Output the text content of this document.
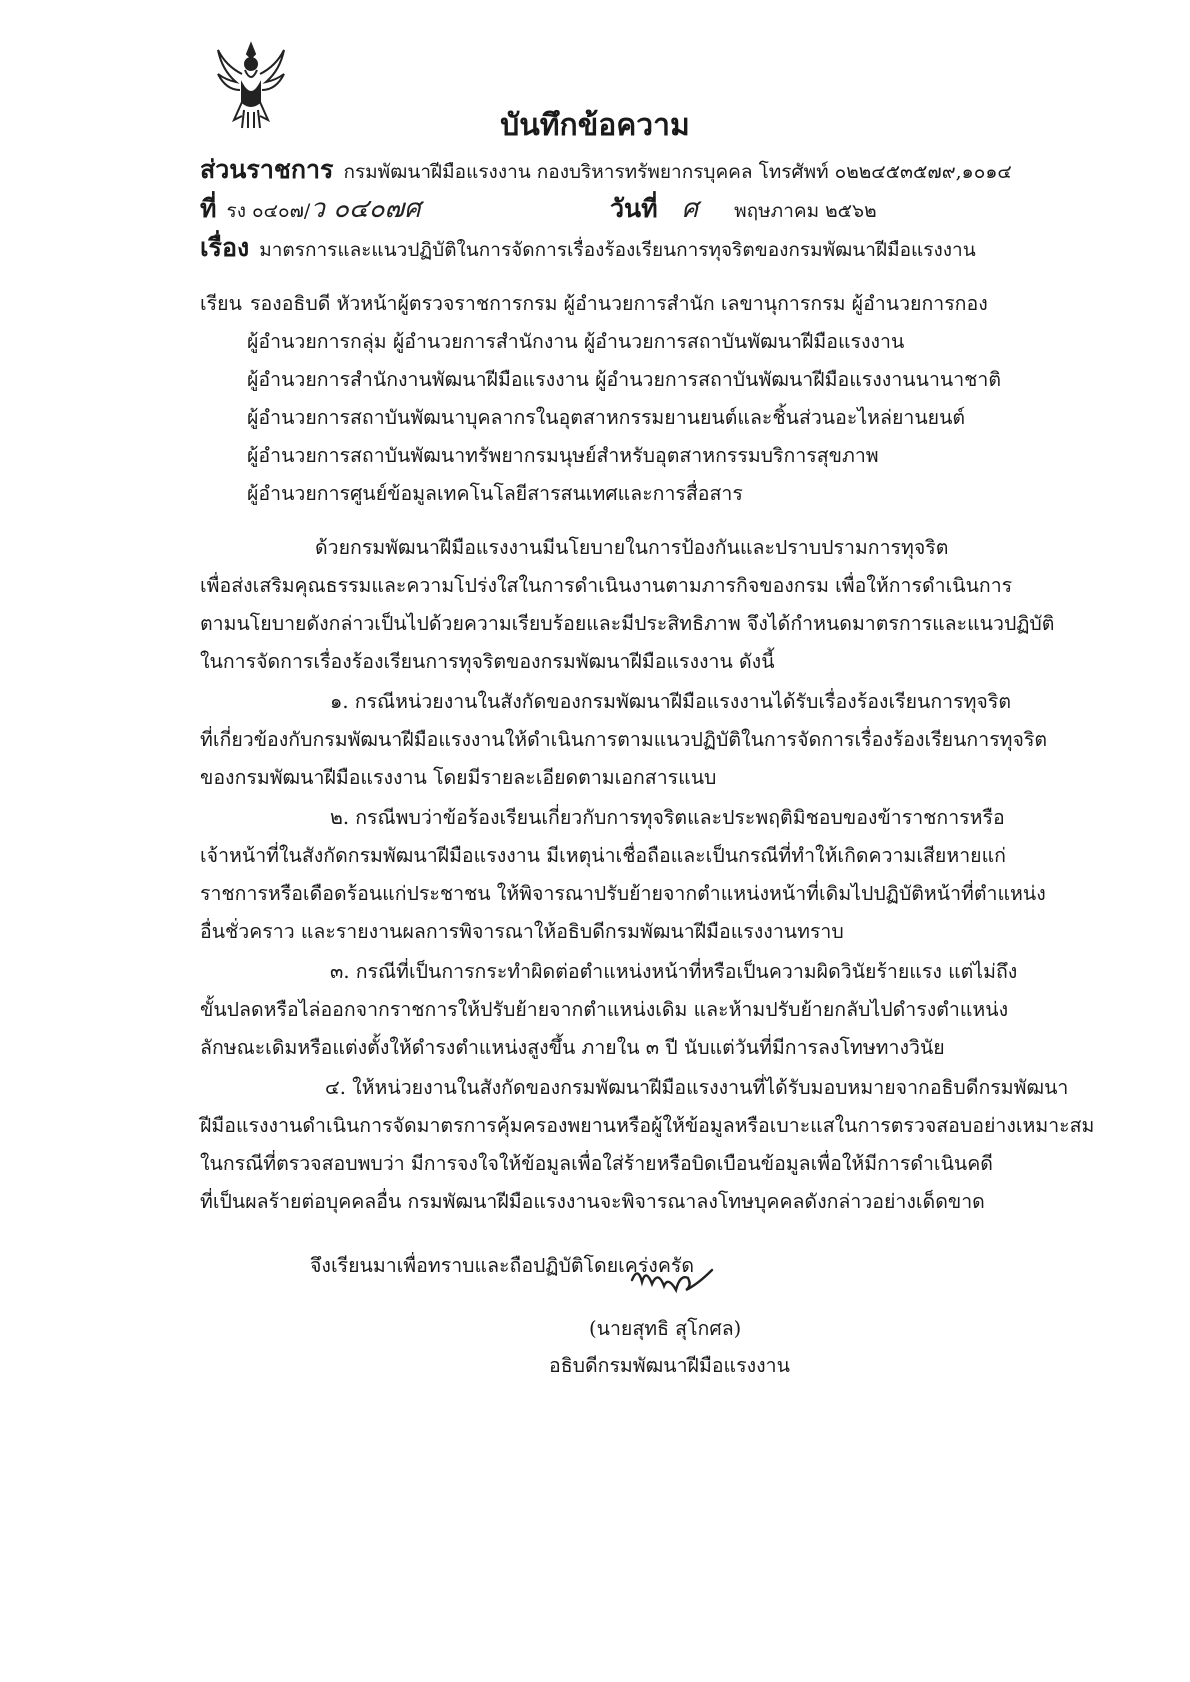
บันทึกข้อความ
ส่วนราชการ กรมพัฒนาฝีมือแรงงาน กองบริหารทรัพยากรบุคคล โทรศัพท์ ๐๒๒๔๕๓๕๗๙,๑๐๑๔
ที่ รง ๐๔๐๗/ว ๐๔๐๗ศ	วันที่ ศ พฤษภาคม ๒๕๖๒
เรื่อง มาตรการและแนวปฏิบัติในการจัดการเรื่องร้องเรียนการทุจริตของกรมพัฒนาฝีมือแรงงาน
เรียน รองอธิบดี หัวหน้าผู้ตรวจราชการกรม ผู้อำนวยการสำนัก เลขานุการกรม ผู้อำนวยการกอง
ผู้อำนวยการกลุ่ม ผู้อำนวยการสำนักงาน ผู้อำนวยการสถาบันพัฒนาฝีมือแรงงาน
ผู้อำนวยการสำนักงานพัฒนาฝีมือแรงงาน ผู้อำนวยการสถาบันพัฒนาฝีมือแรงงานนานาชาติ
ผู้อำนวยการสถาบันพัฒนาบุคลากรในอุตสาหกรรมยานยนต์และชิ้นส่วนอะไหล่ยานยนต์
ผู้อำนวยการสถาบันพัฒนาทรัพยากรมนุษย์สำหรับอุตสาหกรรมบริการสุขภาพ
ผู้อำนวยการศูนย์ข้อมูลเทคโนโลยีสารสนเทศและการสื่อสาร
ด้วยกรมพัฒนาฝีมือแรงงานมีนโยบายในการป้องกันและปราบปรามการทุจริต
เพื่อส่งเสริมคุณธรรมและความโปร่งใสในการดำเนินงานตามภารกิจของกรม เพื่อให้การดำเนินการ
ตามนโยบายดังกล่าวเป็นไปด้วยความเรียบร้อยและมีประสิทธิภาพ จึงได้กำหนดมาตรการและแนวปฏิบัติ
ในการจัดการเรื่องร้องเรียนการทุจริตของกรมพัฒนาฝีมือแรงงาน ดังนี้
๑. กรณีหน่วยงานในสังกัดของกรมพัฒนาฝีมือแรงงานได้รับเรื่องร้องเรียนการทุจริต
ที่เกี่ยวข้องกับกรมพัฒนาฝีมือแรงงานให้ดำเนินการตามแนวปฏิบัติในการจัดการเรื่องร้องเรียนการทุจริต
ของกรมพัฒนาฝีมือแรงงาน โดยมีรายละเอียดตามเอกสารแนบ
๒. กรณีพบว่าข้อร้องเรียนเกี่ยวกับการทุจริตและประพฤติมิชอบของข้าราชการหรือ
เจ้าหน้าที่ในสังกัดกรมพัฒนาฝีมือแรงงาน มีเหตุน่าเชื่อถือและเป็นกรณีที่ทำให้เกิดความเสียหายแก่
ราชการหรือเดือดร้อนแก่ประชาชน ให้พิจารณาปรับย้ายจากตำแหน่งหน้าที่เดิมไปปฏิบัติหน้าที่ตำแหน่ง
อื่นชั่วคราว และรายงานผลการพิจารณาให้อธิบดีกรมพัฒนาฝีมือแรงงานทราบ
๓. กรณีที่เป็นการกระทำผิดต่อตำแหน่งหน้าที่หรือเป็นความผิดวินัยร้ายแรง แต่ไม่ถึง
ขั้นปลดหรือไล่ออกจากราชการให้ปรับย้ายจากตำแหน่งเดิม และห้ามปรับย้ายกลับไปดำรงตำแหน่ง
ลักษณะเดิมหรือแต่งตั้งให้ดำรงตำแหน่งสูงขึ้น ภายใน ๓ ปี นับแต่วันที่มีการลงโทษทางวินัย
๔. ให้หน่วยงานในสังกัดของกรมพัฒนาฝีมือแรงงานที่ได้รับมอบหมายจากอธิบดีกรมพัฒนา
ฝีมือแรงงานดำเนินการจัดมาตรการคุ้มครองพยานหรือผู้ให้ข้อมูลหรือเบาะแสในการตรวจสอบอย่างเหมาะสม
ในกรณีที่ตรวจสอบพบว่า มีการจงใจให้ข้อมูลเพื่อใส่ร้ายหรือบิดเบือนข้อมูลเพื่อให้มีการดำเนินคดี
ที่เป็นผลร้ายต่อบุคคลอื่น กรมพัฒนาฝีมือแรงงานจะพิจารณาลงโทษบุคคลดังกล่าวอย่างเด็ดขาด
จึงเรียนมาเพื่อทราบและถือปฏิบัติโดยเคร่งครัด
(นายสุทธิ สุโกศล)
อธิบดีกรมพัฒนาฝีมือแรงงาน
